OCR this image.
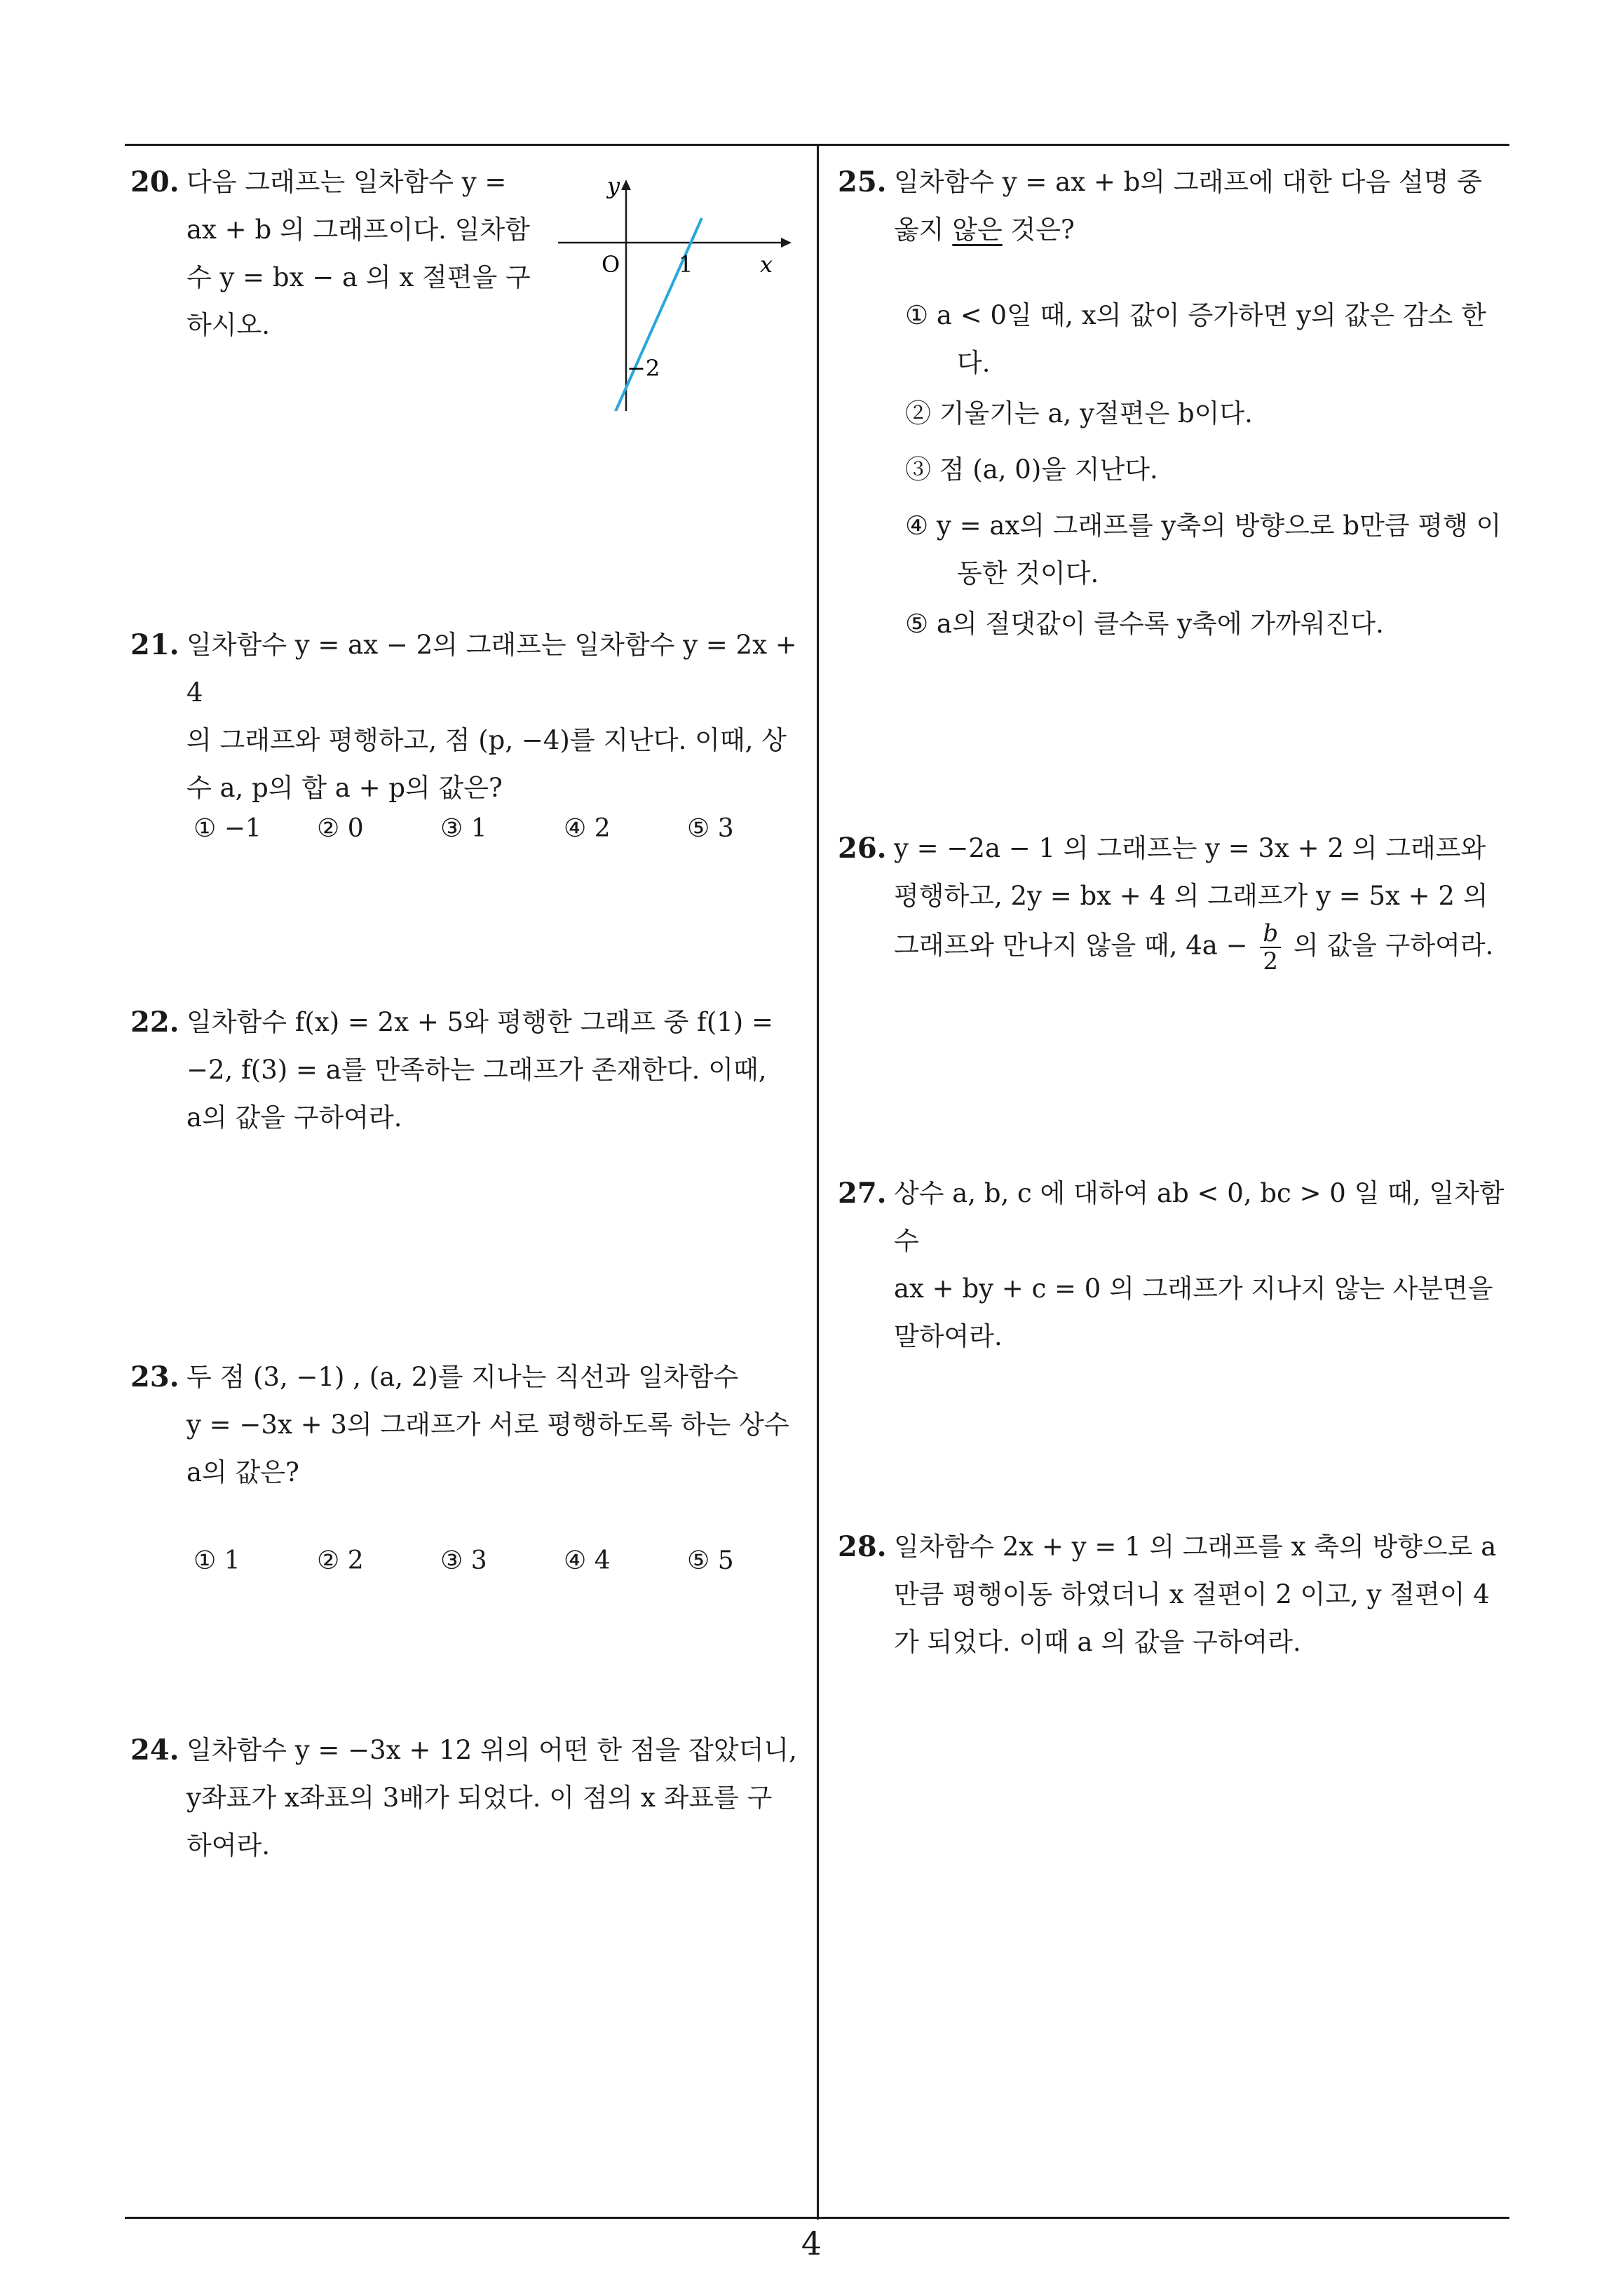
20. 다음 그래프는 일차함수 y =
ax + b 의 그래프이다. 일차함
수 y = bx − a 의 x 절편을 구
하시오.
y
x
O	1
−2
21. 일차함수 y = ax − 2의 그래프는 일차함수 y = 2x + 4
의 그래프와 평행하고, 점 (p, −4)를 지난다. 이때, 상
수 a, p의 합 a + p의 값은?
① −1	② 0	③ 1	④ 2	⑤ 3
22. 일차함수 f(x) = 2x + 5와 평행한 그래프 중 f(1) =
−2, f(3) = a를 만족하는 그래프가 존재한다. 이때,
a의 값을 구하여라.
23. 두 점 (3, −1) , (a, 2)를 지나는 직선과 일차함수
y = −3x + 3의 그래프가 서로 평행하도록 하는 상수
a의 값은?
① 1	② 2	③ 3	④ 4	⑤ 5
24. 일차함수 y = −3x + 12 위의 어떤 한 점을 잡았더니,
y좌표가 x좌표의 3배가 되었다. 이 점의 x 좌표를 구
하여라.
25. 일차함수 y = ax + b의 그래프에 대한 다음 설명 중
옳지 않은 것은?
① a < 0일 때, x의 값이 증가하면 y의 값은 감소 한다.
② 기울기는 a, y절편은 b이다.
③ 점 (a, 0)을 지난다.
④ y = ax의 그래프를 y축의 방향으로 b만큼 평행 이동한 것이다.
⑤ a의 절댓값이 클수록 y축에 가까워진다.
26. y = −2a − 1 의 그래프는 y = 3x + 2 의 그래프와
평행하고, 2y = bx + 4 의 그래프가 y = 5x + 2 의
그래프와 만나지 않을 때, $4a - \frac{b}{2}$ 의 값을 구하여라.
27. 상수 a, b, c 에 대하여 ab < 0, bc > 0 일 때, 일차함수
ax + by + c = 0 의 그래프가 지나지 않는 사분면을
말하여라.
28. 일차함수 2x + y = 1 의 그래프를 x 축의 방향으로 a
만큼 평행이동 하였더니 x 절편이 2 이고, y 절편이 4
가 되었다. 이때 a 의 값을 구하여라.
4
